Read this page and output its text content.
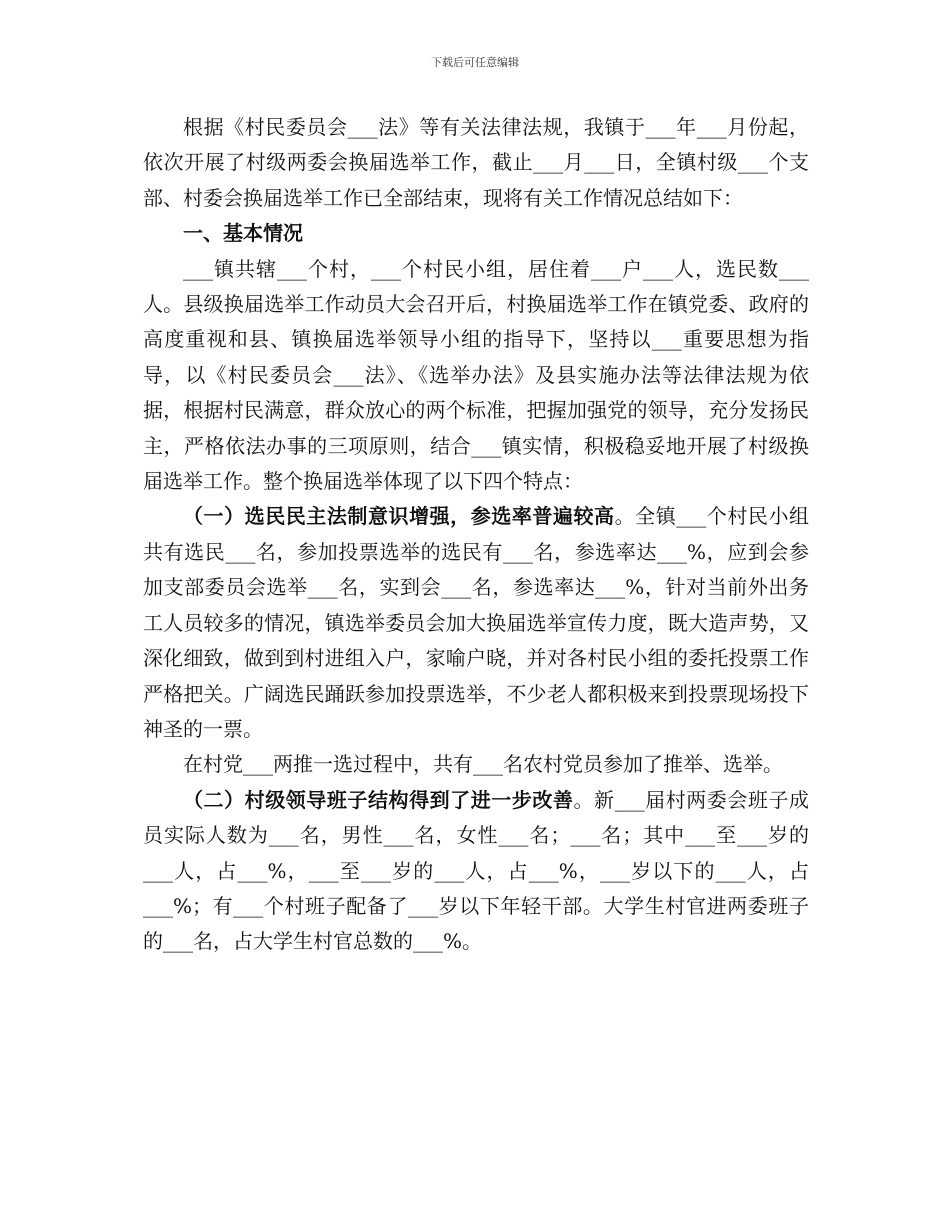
下载后可任意编辑

根据《村民委员会___法》等有关法律法规，我镇于___年___月份起，依次开展了村级两委会换届选举工作，截止___月___日，全镇村级___个支部、村委会换届选举工作已全部结束，现将有关工作情况总结如下：

一、基本情况

___镇共辖___个村，___个村民小组，居住着___户___人，选民数___人。县级换届选举工作动员大会召开后，村换届选举工作在镇党委、政府的高度重视和县、镇换届选举领导小组的指导下，坚持以___重要思想为指导，以《村民委员会___法》、《选举办法》及县实施办法等法律法规为依据，根据村民满意，群众放心的两个标准，把握加强党的领导，充分发扬民主，严格依法办事的三项原则，结合___镇实情，积极稳妥地开展了村级换届选举工作。整个换届选举体现了以下四个特点：

（一）选民民主法制意识增强，参选率普遍较高。全镇___个村民小组共有选民___名，参加投票选举的选民有___名，参选率达___%，应到会参加支部委员会选举___名，实到会___名，参选率达___%，针对当前外出务工人员较多的情况，镇选举委员会加大换届选举宣传力度，既大造声势，又深化细致，做到到村进组入户，家喻户晓，并对各村民小组的委托投票工作严格把关。广阔选民踊跃参加投票选举，不少老人都积极来到投票现场投下神圣的一票。

在村党___两推一选过程中，共有___名农村党员参加了推举、选举。

（二）村级领导班子结构得到了进一步改善。新___届村两委会班子成员实际人数为___名，男性___名，女性___名；___名；其中___至___岁的___人，占___%，___至___岁的___人，占___%，___岁以下的___人，占___%；有___个村班子配备了___岁以下年轻干部。大学生村官进两委班子的___名，占大学生村官总数的___%。
